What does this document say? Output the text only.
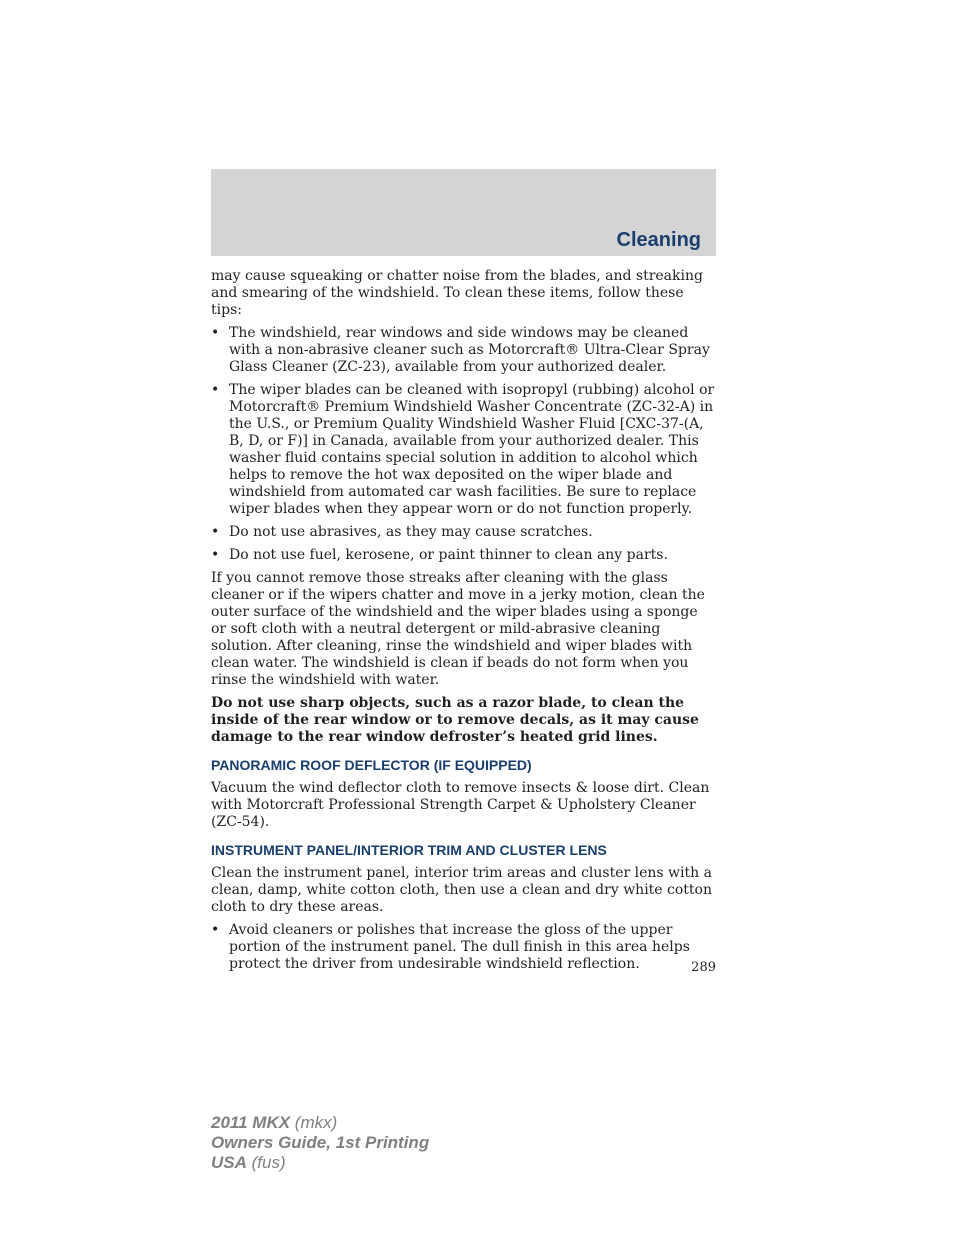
Cleaning

may cause squeaking or chatter noise from the blades, and streaking and smearing of the windshield. To clean these items, follow these tips:

• The windshield, rear windows and side windows may be cleaned with a non-abrasive cleaner such as Motorcraft® Ultra-Clear Spray Glass Cleaner (ZC-23), available from your authorized dealer.
• The wiper blades can be cleaned with isopropyl (rubbing) alcohol or Motorcraft® Premium Windshield Washer Concentrate (ZC-32-A) in the U.S., or Premium Quality Windshield Washer Fluid [CXC-37-(A, B, D, or F)] in Canada, available from your authorized dealer. This washer fluid contains special solution in addition to alcohol which helps to remove the hot wax deposited on the wiper blade and windshield from automated car wash facilities. Be sure to replace wiper blades when they appear worn or do not function properly.
• Do not use abrasives, as they may cause scratches.
• Do not use fuel, kerosene, or paint thinner to clean any parts.

If you cannot remove those streaks after cleaning with the glass cleaner or if the wipers chatter and move in a jerky motion, clean the outer surface of the windshield and the wiper blades using a sponge or soft cloth with a neutral detergent or mild-abrasive cleaning solution. After cleaning, rinse the windshield and wiper blades with clean water. The windshield is clean if beads do not form when you rinse the windshield with water.

Do not use sharp objects, such as a razor blade, to clean the inside of the rear window or to remove decals, as it may cause damage to the rear window defroster’s heated grid lines.

PANORAMIC ROOF DEFLECTOR (IF EQUIPPED)

Vacuum the wind deflector cloth to remove insects & loose dirt. Clean with Motorcraft Professional Strength Carpet & Upholstery Cleaner (ZC-54).

INSTRUMENT PANEL/INTERIOR TRIM AND CLUSTER LENS

Clean the instrument panel, interior trim areas and cluster lens with a clean, damp, white cotton cloth, then use a clean and dry white cotton cloth to dry these areas.

• Avoid cleaners or polishes that increase the gloss of the upper portion of the instrument panel. The dull finish in this area helps protect the driver from undesirable windshield reflection.	289
2011 MKX (mkx)
Owners Guide, 1st Printing
USA (fus)
